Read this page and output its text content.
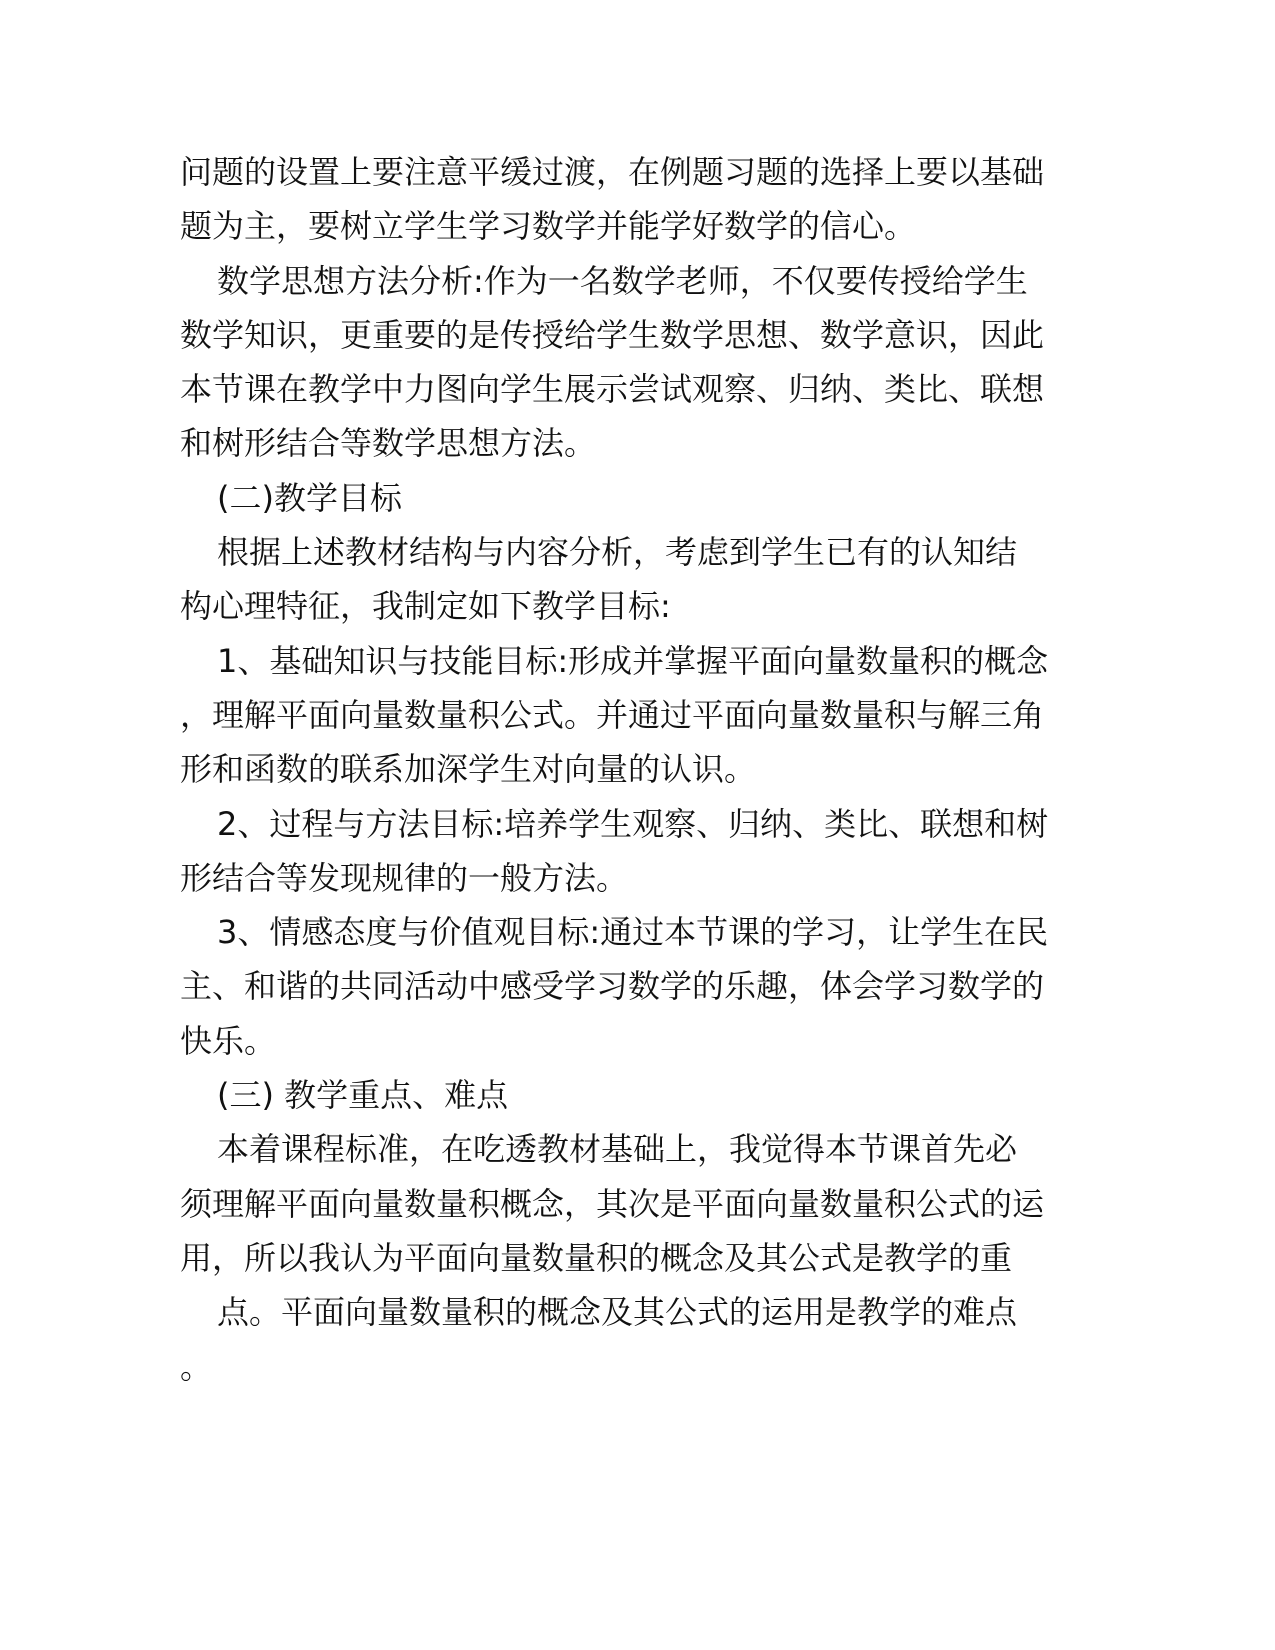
问题的设置上要注意平缓过渡，在例题习题的选择上要以基础
题为主，要树立学生学习数学并能学好数学的信心。
数学思想方法分析:作为一名数学老师，不仅要传授给学生
数学知识，更重要的是传授给学生数学思想、数学意识，因此
本节课在教学中力图向学生展示尝试观察、归纳、类比、联想
和树形结合等数学思想方法。
(二)教学目标
根据上述教材结构与内容分析，考虑到学生已有的认知结
构心理特征，我制定如下教学目标:
1、基础知识与技能目标:形成并掌握平面向量数量积的概念
，理解平面向量数量积公式。并通过平面向量数量积与解三角
形和函数的联系加深学生对向量的认识。
2、过程与方法目标:培养学生观察、归纳、类比、联想和树
形结合等发现规律的一般方法。
3、情感态度与价值观目标:通过本节课的学习，让学生在民
主、和谐的共同活动中感受学习数学的乐趣，体会学习数学的
快乐。
(三) 教学重点、难点
本着课程标准，在吃透教材基础上，我觉得本节课首先必
须理解平面向量数量积概念，其次是平面向量数量积公式的运
用，所以我认为平面向量数量积的概念及其公式是教学的重
点。平面向量数量积的概念及其公式的运用是教学的难点
。
